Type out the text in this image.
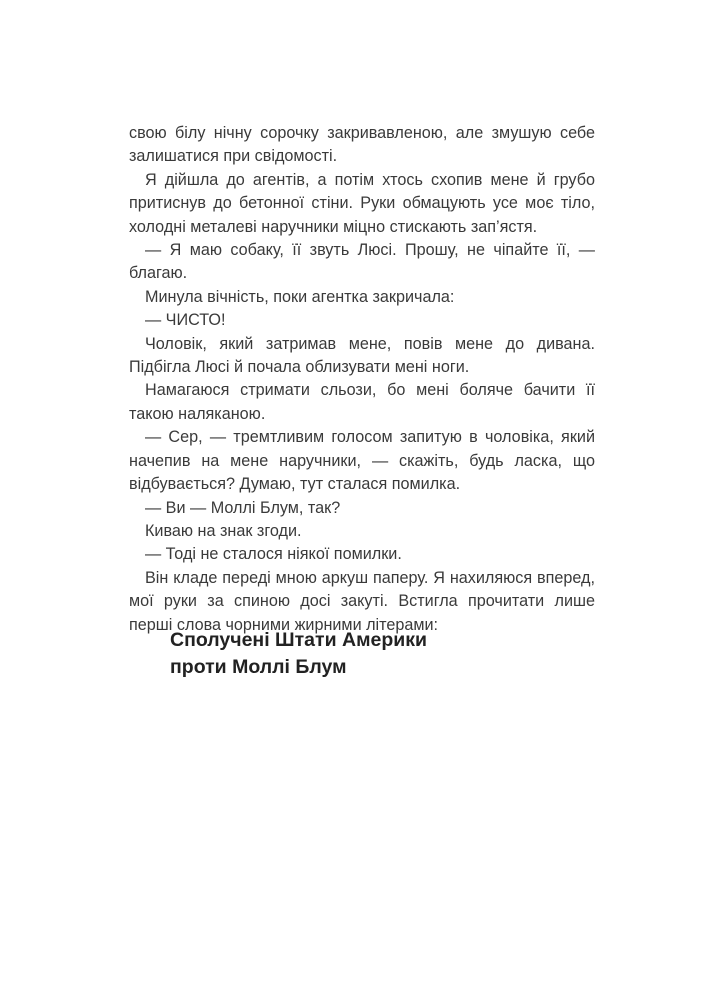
свою білу нічну сорочку закривавленою, але змушую себе залишатися при свідомості.

Я дійшла до агентів, а потім хтось схопив мене й грубо притиснув до бетонної стіни. Руки обмацують усе моє тіло, холодні металеві наручники міцно стискають зап’ястя.

— Я маю собаку, її звуть Люсі. Прошу, не чіпайте її, — благаю.

Минула вічність, поки агентка закричала:

— ЧИСТО!

Чоловік, який затримав мене, повів мене до дивана. Підбігла Люсі й почала облизувати мені ноги.

Намагаюся стримати сльози, бо мені боляче бачити її такою наляканою.

— Сер, — тремтливим голосом запитую в чоловіка, який начепив на мене наручники, — скажіть, будь ласка, що відбувається? Думаю, тут сталася помилка.

— Ви — Моллі Блум, так?

Киваю на знак згоди.

— Тоді не сталося ніякої помилки.

Він кладе переді мною аркуш паперу. Я нахиляюся вперед, мої руки за спиною досі закуті. Встигла прочитати лише перші слова чорними жирними літерами:

Сполучені Штати Америки
проти Моллі Блум
